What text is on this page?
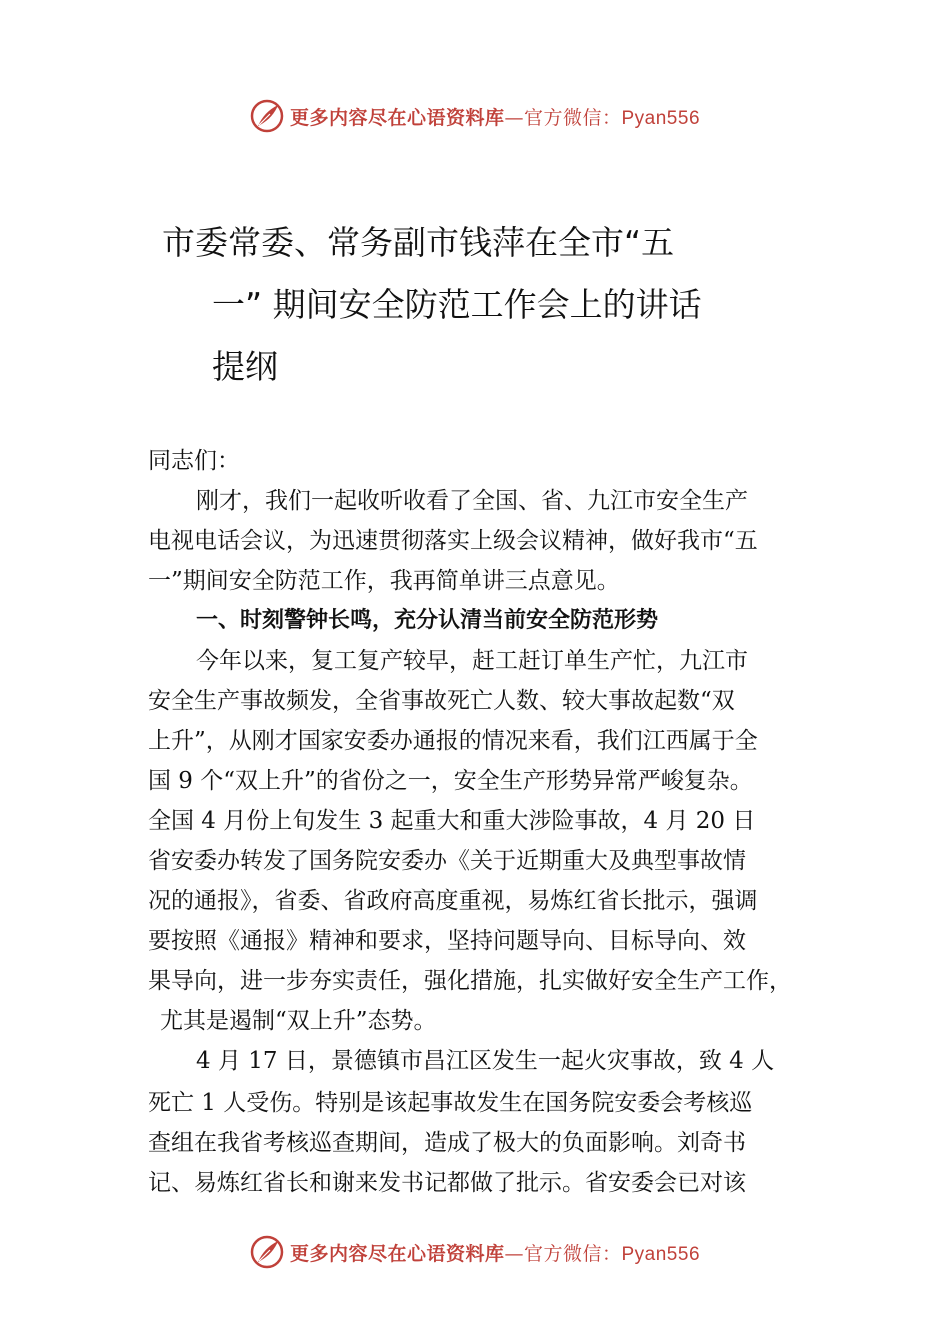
更多内容尽在心语资料库—官方微信：Pyan556
市委常委、常务副市钱萍在全市“五
一” 期间安全防范工作会上的讲话
提纲
同志们：
刚才，我们一起收听收看了全国、省、九江市安全生产
电视电话会议，为迅速贯彻落实上级会议精神，做好我市“五
一”期间安全防范工作，我再简单讲三点意见。
一、时刻警钟长鸣，充分认清当前安全防范形势
今年以来，复工复产较早，赶工赶订单生产忙，九江市
安全生产事故频发，全省事故死亡人数、较大事故起数“双
上升”，从刚才国家安委办通报的情况来看，我们江西属于全
国 9 个“双上升”的省份之一，安全生产形势异常严峻复杂。
全国 4 月份上旬发生 3 起重大和重大涉险事故，4 月 20 日
省安委办转发了国务院安委办《关于近期重大及典型事故情
况的通报》，省委、省政府高度重视，易炼红省长批示，强调
要按照《通报》精神和要求，坚持问题导向、目标导向、效
果导向，进一步夯实责任，强化措施，扎实做好安全生产工作，
尤其是遏制“双上升”态势。
4 月 17 日，景德镇市昌江区发生一起火灾事故，致 4 人
死亡 1 人受伤。特别是该起事故发生在国务院安委会考核巡
查组在我省考核巡查期间，造成了极大的负面影响。刘奇书
记、易炼红省长和谢来发书记都做了批示。省安委会已对该
更多内容尽在心语资料库—官方微信：Pyan556
